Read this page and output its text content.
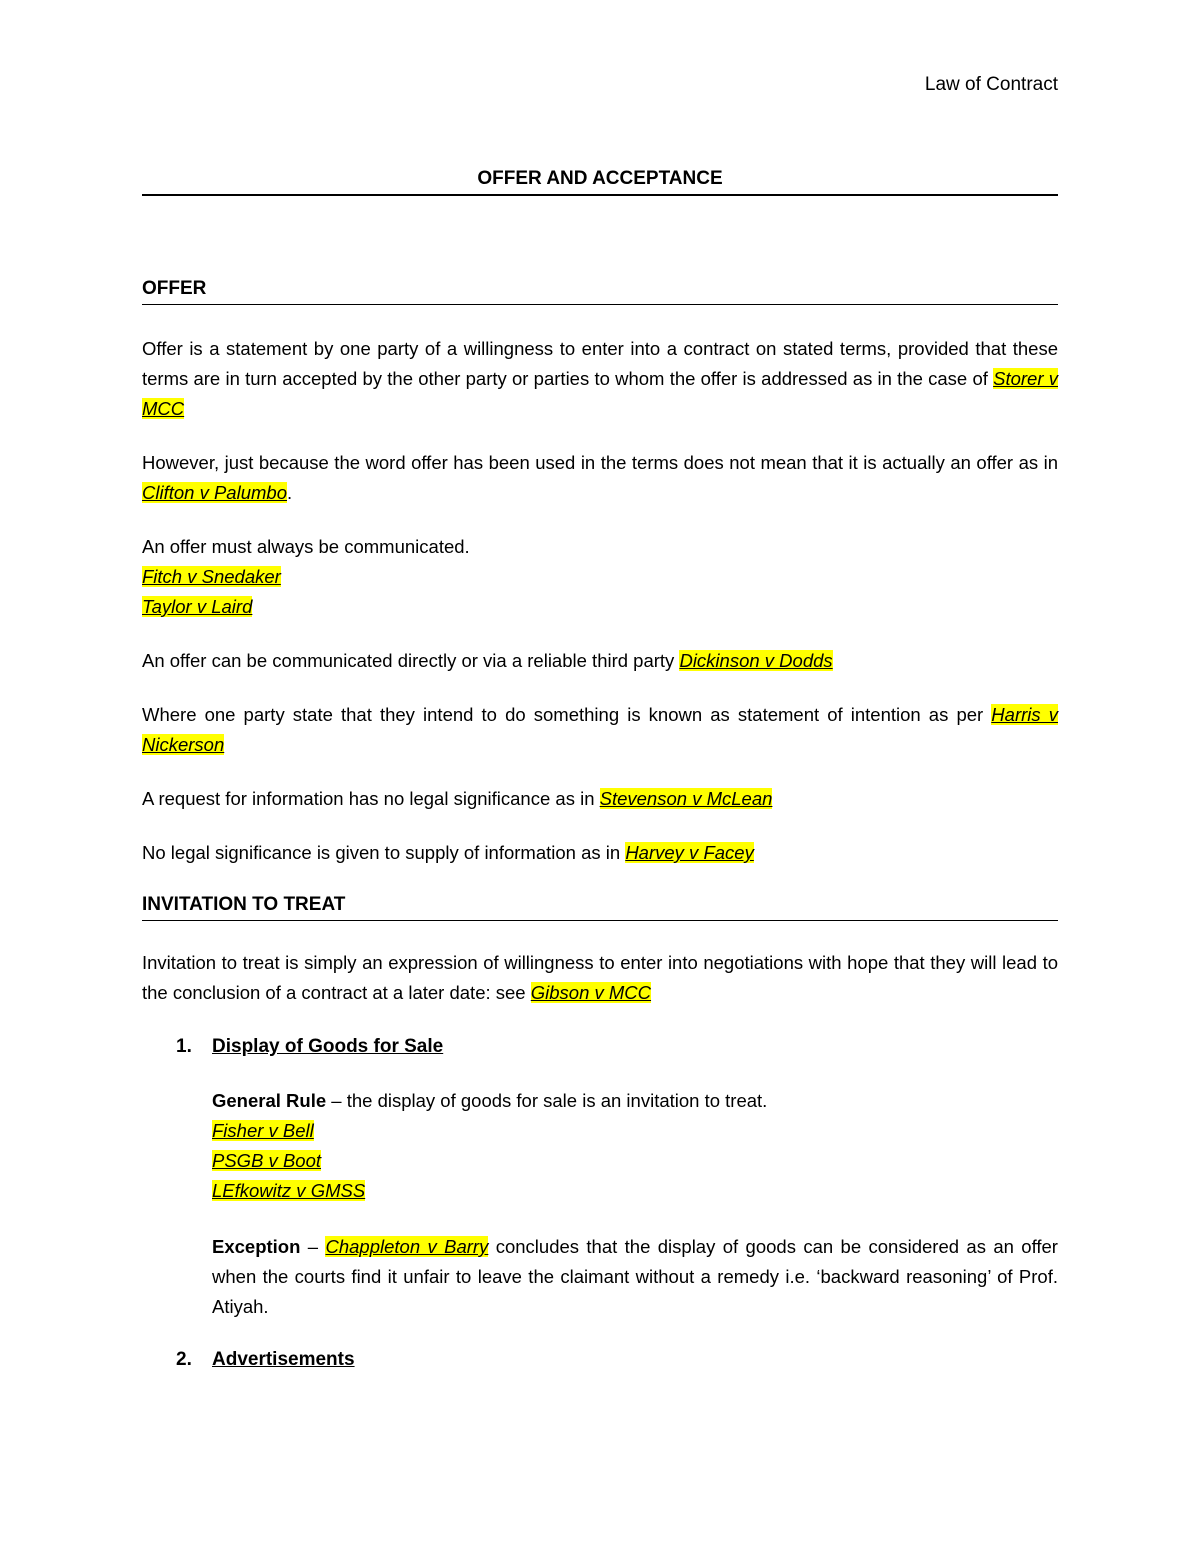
Law of Contract
OFFER AND ACCEPTANCE
OFFER
Offer is a statement by one party of a willingness to enter into a contract on stated terms, provided that these terms are in turn accepted by the other party or parties to whom the offer is addressed as in the case of Storer v MCC
However, just because the word offer has been used in the terms does not mean that it is actually an offer as in Clifton v Palumbo.
An offer must always be communicated.
Fitch v Snedaker
Taylor v Laird
An offer can be communicated directly or via a reliable third party Dickinson v Dodds
Where one party state that they intend to do something is known as statement of intention as per Harris v Nickerson
A request for information has no legal significance as in Stevenson v McLean
No legal significance is given to supply of information as in Harvey v Facey
INVITATION TO TREAT
Invitation to treat is simply an expression of willingness to enter into negotiations with hope that they will lead to the conclusion of a contract at a later date: see Gibson v MCC
1. Display of Goods for Sale
General Rule – the display of goods for sale is an invitation to treat.
Fisher v Bell
PSGB v Boot
LEfkowitz v GMSS
Exception – Chappleton v Barry concludes that the display of goods can be considered as an offer when the courts find it unfair to leave the claimant without a remedy i.e. ‘backward reasoning’ of Prof. Atiyah.
2. Advertisements
